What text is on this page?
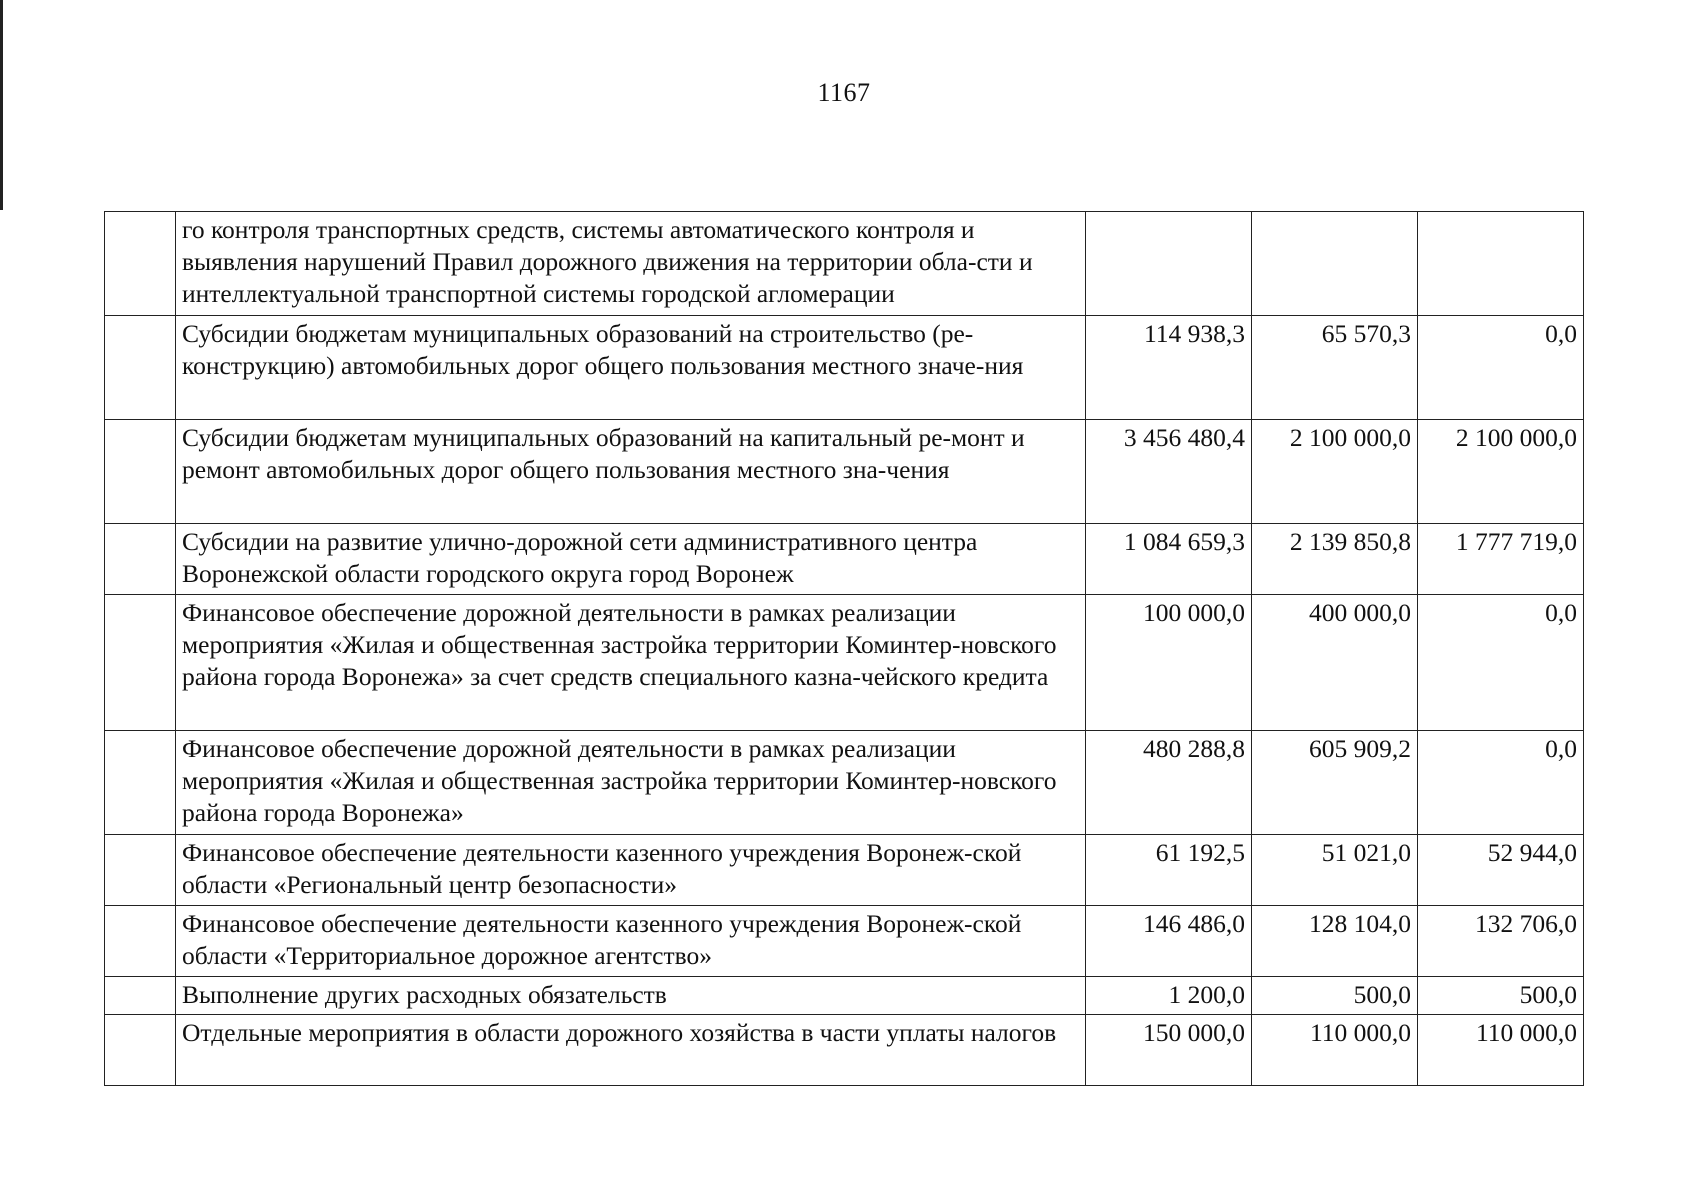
1167
	го контроля транспортных средств, системы автоматического контроля и выявления нарушений Правил дорожного движения на территории обла-сти и интеллектуальной транспортной системы городской агломерации			
	Субсидии бюджетам муниципальных образований на строительство (ре-конструкцию) автомобильных дорог общего пользования местного значе-ния	114 938,3	65 570,3	0,0
	Субсидии бюджетам муниципальных образований на капитальный ре-монт и ремонт автомобильных дорог общего пользования местного зна-чения	3 456 480,4	2 100 000,0	2 100 000,0
	Субсидии на развитие улично-дорожной сети административного центра Воронежской области городского округа город Воронеж	1 084 659,3	2 139 850,8	1 777 719,0
	Финансовое обеспечение дорожной деятельности в рамках реализации мероприятия «Жилая и общественная застройка территории Коминтер-новского района города Воронежа» за счет средств специального казна-чейского кредита	100 000,0	400 000,0	0,0
	Финансовое обеспечение дорожной деятельности в рамках реализации мероприятия «Жилая и общественная застройка территории Коминтер-новского района города Воронежа»	480 288,8	605 909,2	0,0
	Финансовое обеспечение деятельности казенного учреждения Воронеж-ской области «Региональный центр безопасности»	61 192,5	51 021,0	52 944,0
	Финансовое обеспечение деятельности казенного учреждения Воронеж-ской области «Территориальное дорожное агентство»	146 486,0	128 104,0	132 706,0
	Выполнение других расходных обязательств	1 200,0	500,0	500,0
	Отдельные мероприятия в области дорожного хозяйства в части уплаты налогов	150 000,0	110 000,0	110 000,0
